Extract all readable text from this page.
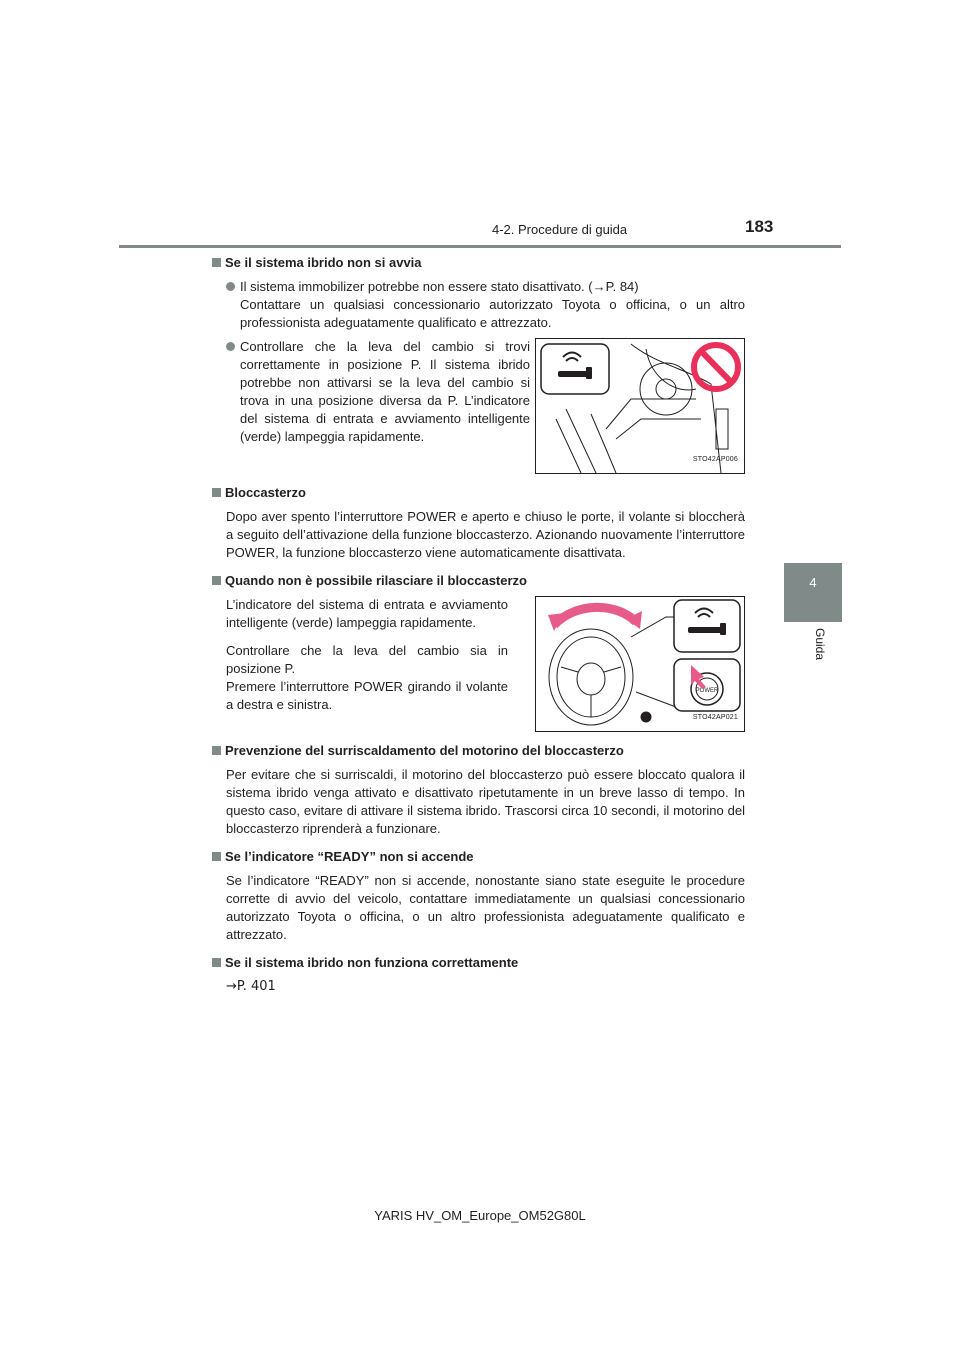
4-2. Procedure di guida	183
4
Guida
Se il sistema ibrido non si avvia
Il sistema immobilizer potrebbe non essere stato disattivato. (→P. 84)
Contattare un qualsiasi concessionario autorizzato Toyota o officina, o un altro professionista adeguatamente qualificato e attrezzato.
Controllare che la leva del cambio si trovi correttamente in posizione P. Il sistema ibrido potrebbe non attivarsi se la leva del cambio si trova in una posizione diversa da P. L’indicatore del sistema di entrata e avviamento intelligente (verde) lampeggia rapidamente.
STO42AP006
Bloccasterzo
Dopo aver spento l’interruttore POWER e aperto e chiuso le porte, il volante si bloccherà a seguito dell’attivazione della funzione bloccasterzo. Azionando nuovamente l’interruttore POWER, la funzione bloccasterzo viene automaticamente disattivata.
Quando non è possibile rilasciare il bloccasterzo
L’indicatore del sistema di entrata e avviamento intelligente (verde) lampeggia rapidamente.
Controllare che la leva del cambio sia in posizione P.
Premere l’interruttore POWER girando il volante a destra e sinistra.
POWER
STO42AP021
Prevenzione del surriscaldamento del motorino del bloccasterzo
Per evitare che si surriscaldi, il motorino del bloccasterzo può essere bloccato qualora il sistema ibrido venga attivato e disattivato ripetutamente in un breve lasso di tempo. In questo caso, evitare di attivare il sistema ibrido. Trascorsi circa 10 secondi, il motorino del bloccasterzo riprenderà a funzionare.
Se l’indicatore “READY” non si accende
Se l’indicatore “READY” non si accende, nonostante siano state eseguite le procedure corrette di avvio del veicolo, contattare immediatamente un qualsiasi concessionario autorizzato Toyota o officina, o un altro professionista adeguatamente qualificato e attrezzato.
Se il sistema ibrido non funziona correttamente
→P. 401
YARIS HV_OM_Europe_OM52G80L
